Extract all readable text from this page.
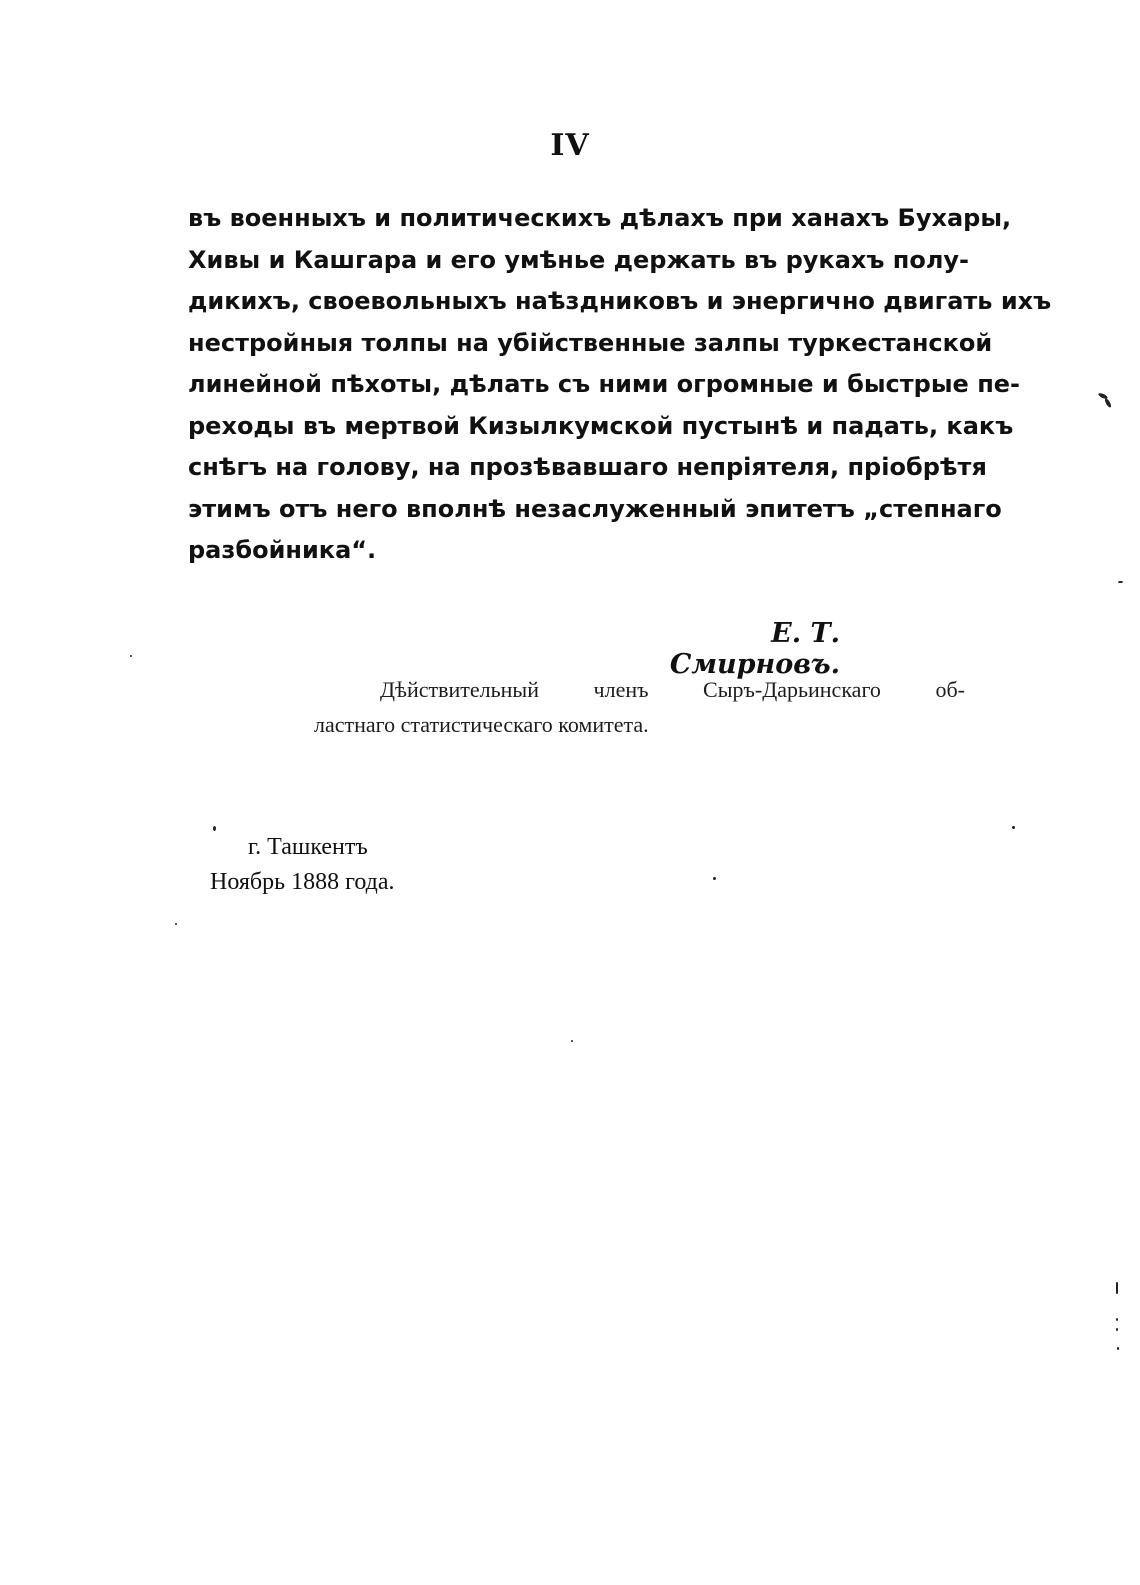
IV
въ военныхъ и политическихъ дѣлахъ при ханахъ Бухары,
Хивы и Кашгара и его умѣнье держать въ рукахъ полу-
дикихъ, своевольныхъ наѣздниковъ и энергично двигать ихъ
нестройныя толпы на убійственные залпы туркестанской
линейной пѣхоты, дѣлать съ ними огромные и быстрые пе-
реходы въ мертвой Кизылкумской пустынѣ и падать, какъ
снѣгъ на голову, на прозѣвавшаго непріятеля, пріобрѣтя
этимъ отъ него вполнѣ незаслуженный эпитетъ „степнаго
разбойника“.
Е. Т. Смирновъ.
Дѣйствительный членъ Сыръ-Дарьинскаго об-
ластнаго статистическаго комитета.
г. Ташкентъ
Ноябрь 1888 года.
